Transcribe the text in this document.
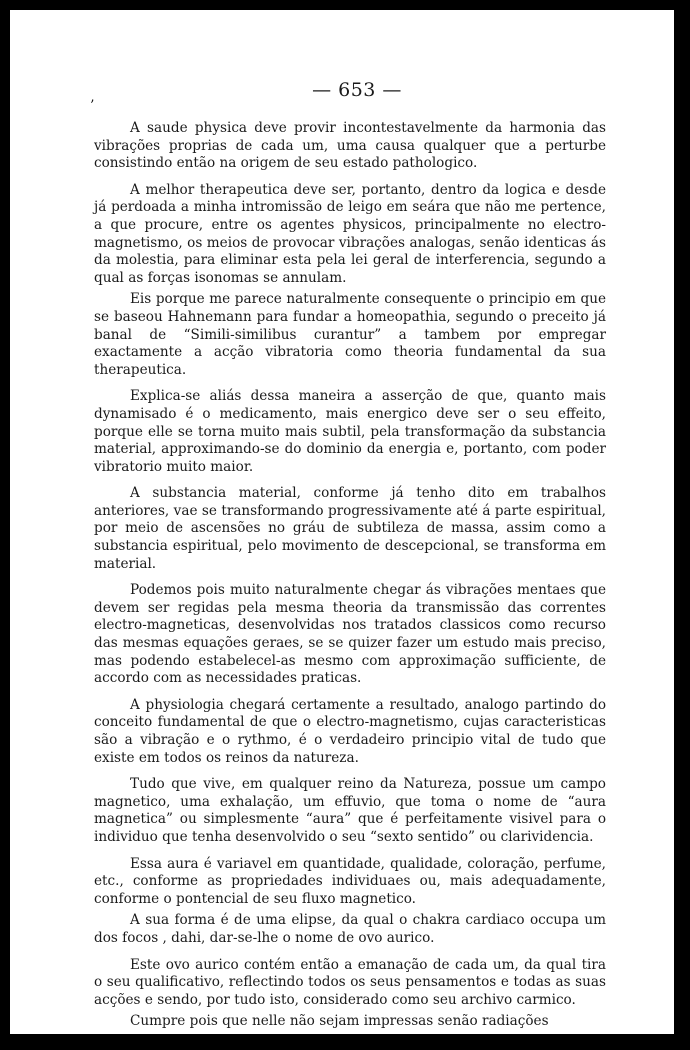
’
— 653 —

A saude physica deve provir incontestavelmente da harmonia das vibrações proprias de cada um, uma causa qualquer que a perturbe consistindo então na origem de seu estado pathologico.

A melhor therapeutica deve ser, portanto, dentro da logica e desde já perdoada a minha intromissão de leigo em seára que não me pertence, a que procure, entre os agentes physicos, principalmente no electro-magnetismo, os meios de provocar vibrações analogas, senão identicas ás da molestia, para eliminar esta pela lei geral de interferencia, segundo a qual as forças isonomas se annulam.

Eis porque me parece naturalmente consequente o principio em que se baseou Hahnemann para fundar a homeopathia, segundo o preceito já banal de “Simili-similibus curantur” a tambem por empregar exactamente a acção vibratoria como theoria fundamental da sua therapeutica.

Explica-se aliás dessa maneira a asserção de que, quanto mais dynamisado é o medicamento, mais energico deve ser o seu effeito, porque elle se torna muito mais subtil, pela transformação da substancia material, approximando-se do dominio da energia e, portanto, com poder vibratorio muito maior.

A substancia material, conforme já tenho dito em trabalhos anteriores, vae se transformando progressivamente até á parte espiritual, por meio de ascensões no gráu de subtileza de massa, assim como a substancia espiritual, pelo movimento de descepcional, se transforma em material.

Podemos pois muito naturalmente chegar ás vibrações mentaes que devem ser regidas pela mesma theoria da transmissão das correntes electro-magneticas, desenvolvidas nos tratados classicos como recurso das mesmas equações geraes, se se quizer fazer um estudo mais preciso, mas podendo estabelecel-as mesmo com approximação sufficiente, de accordo com as necessidades praticas.

A physiologia chegará certamente a resultado, analogo partindo do conceito fundamental de que o electro-magnetismo, cujas caracteristicas são a vibração e o rythmo, é o verdadeiro principio vital de tudo que existe em todos os reinos da natureza.

Tudo que vive, em qualquer reino da Natureza, possue um campo magnetico, uma exhalação, um effuvio, que toma o nome de “aura magnetica” ou simplesmente “aura” que é perfeitamente visivel para o individuo que tenha desenvolvido o seu “sexto sentido” ou clarividencia.

Essa aura é variavel em quantidade, qualidade, coloração, perfume, etc., conforme as propriedades individuaes ou, mais adequadamente, conforme o pontencial de seu fluxo magnetico.

A sua forma é de uma elipse, da qual o chakra cardiaco occupa um dos focos , dahi, dar-se-lhe o nome de ovo aurico.

Este ovo aurico contém então a emanação de cada um, da qual tira o seu qualificativo, reflectindo todos os seus pensamentos e todas as suas acções e sendo, por tudo isto, considerado como seu archivo carmico.

Cumpre pois que nelle não sejam impressas senão radiações
